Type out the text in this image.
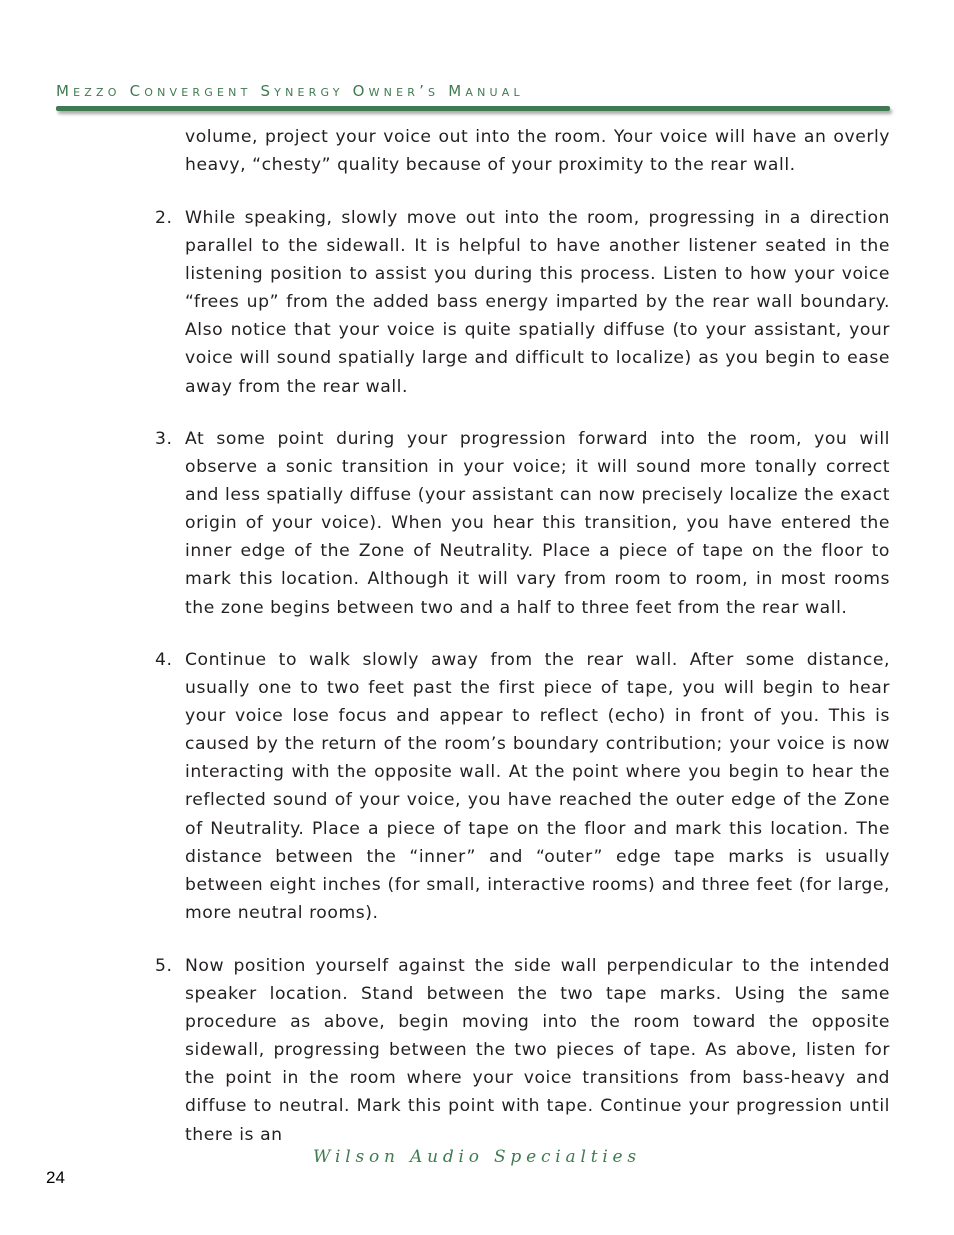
Mezzo Convergent Synergy Owner’s Manual
volume, project your voice out into the room. Your voice will have an overly heavy, “chesty” quality because of your proximity to the rear wall.
2. While speaking, slowly move out into the room, progressing in a direction parallel to the sidewall. It is helpful to have another listener seated in the listening position to assist you during this process. Listen to how your voice “frees up” from the added bass energy imparted by the rear wall boundary. Also notice that your voice is quite spatially diffuse (to your assistant, your voice will sound spatially large and difficult to localize) as you begin to ease away from the rear wall.
3. At some point during your progression forward into the room, you will observe a sonic transition in your voice; it will sound more tonally correct and less spatially diffuse (your assistant can now precisely localize the exact origin of your voice). When you hear this transition, you have entered the inner edge of the Zone of Neutrality. Place a piece of tape on the floor to mark this location. Although it will vary from room to room, in most rooms the zone begins between two and a half to three feet from the rear wall.
4. Continue to walk slowly away from the rear wall. After some distance, usually one to two feet past the first piece of tape, you will begin to hear your voice lose focus and appear to reflect (echo) in front of you. This is caused by the return of the room’s boundary contribution; your voice is now interacting with the opposite wall. At the point where you begin to hear the reflected sound of your voice, you have reached the outer edge of the Zone of Neutrality. Place a piece of tape on the floor and mark this location. The distance between the “inner” and “outer” edge tape marks is usually between eight inches (for small, interactive rooms) and three feet (for large, more neutral rooms).
5. Now position yourself against the side wall perpendicular to the intended speaker location. Stand between the two tape marks. Using the same procedure as above, begin moving into the room toward the opposite sidewall, progressing between the two pieces of tape. As above, listen for the point in the room where your voice transitions from bass-heavy and diffuse to neutral. Mark this point with tape. Continue your progression until there is an
Wilson Audio Specialties
24
